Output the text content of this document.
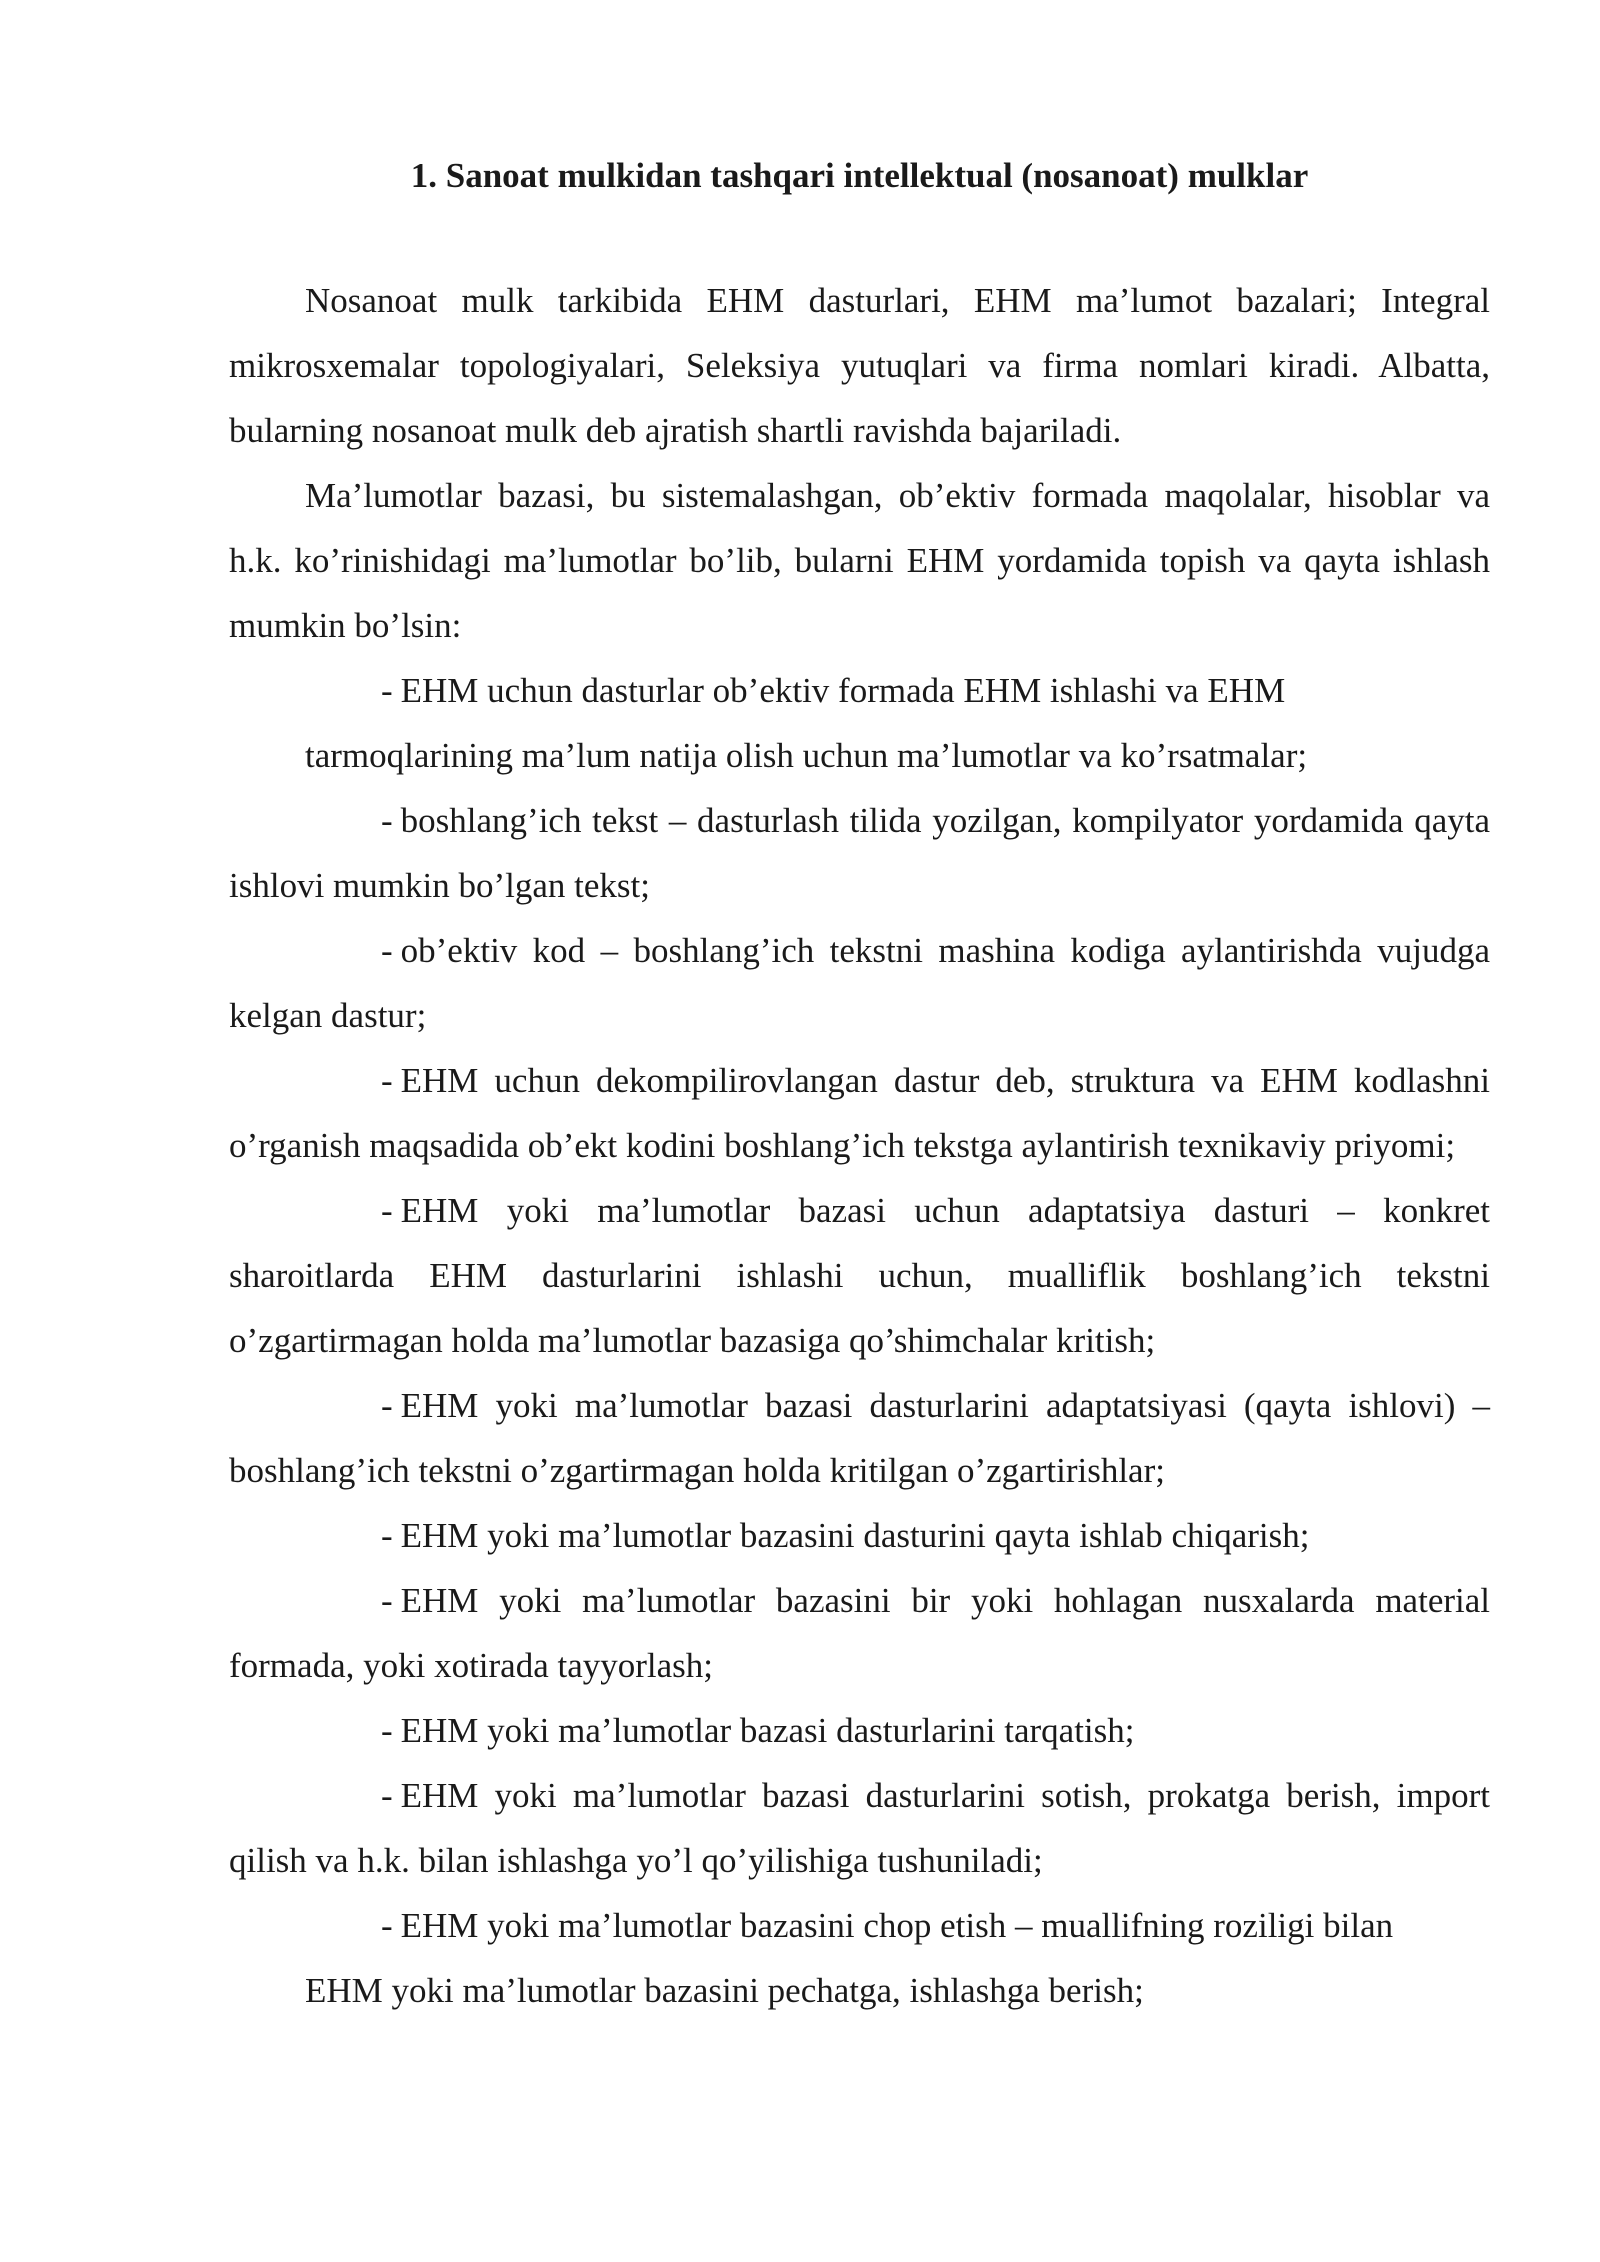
1. Sanoat mulkidan tashqari intellektual (nosanoat) mulklar

Nosanoat mulk tarkibida EHM dasturlari, EHM ma’lumot bazalari; Integral mikrosxemalar topologiyalari, Seleksiya yutuqlari va firma nomlari kiradi. Albatta, bularning nosanoat mulk deb ajratish shartli ravishda bajariladi.

Ma’lumotlar bazasi, bu sistemalashgan, ob’ektiv formada maqolalar, hisoblar va h.k. ko’rinishidagi ma’lumotlar bo’lib, bularni EHM yordamida topish va qayta ishlash mumkin bo’lsin:

- EHM uchun dasturlar ob’ektiv formada EHM ishlashi va EHM
tarmoqlarining ma’lum natija olish uchun ma’lumotlar va ko’rsatmalar;

- boshlang’ich tekst – dasturlash tilida yozilgan, kompilyator yordamida qayta ishlovi mumkin bo’lgan tekst;

- ob’ektiv kod – boshlang’ich tekstni mashina kodiga aylantirishda vujudga kelgan dastur;

- EHM uchun dekompilirovlangan dastur deb, struktura va EHM kodlashni o’rganish maqsadida ob’ekt kodini boshlang’ich tekstga aylantirish texnikaviy priyomi;

- EHM yoki ma’lumotlar bazasi uchun adaptatsiya dasturi – konkret sharoitlarda EHM dasturlarini ishlashi uchun, mualliflik boshlang’ich tekstni o’zgartirmagan holda ma’lumotlar bazasiga qo’shimchalar kritish;

- EHM yoki ma’lumotlar bazasi dasturlarini adaptatsiyasi (qayta ishlovi) – boshlang’ich tekstni o’zgartirmagan holda kritilgan o’zgartirishlar;

- EHM yoki ma’lumotlar bazasini dasturini qayta ishlab chiqarish;

- EHM yoki ma’lumotlar bazasini bir yoki hohlagan nusxalarda material formada, yoki xotirada tayyorlash;

- EHM yoki ma’lumotlar bazasi dasturlarini tarqatish;

- EHM yoki ma’lumotlar bazasi dasturlarini sotish, prokatga berish, import qilish va h.k. bilan ishlashga yo’l qo’yilishiga tushuniladi;

- EHM yoki ma’lumotlar bazasini chop etish – muallifning roziligi bilan
EHM yoki ma’lumotlar bazasini pechatga, ishlashga berish;
